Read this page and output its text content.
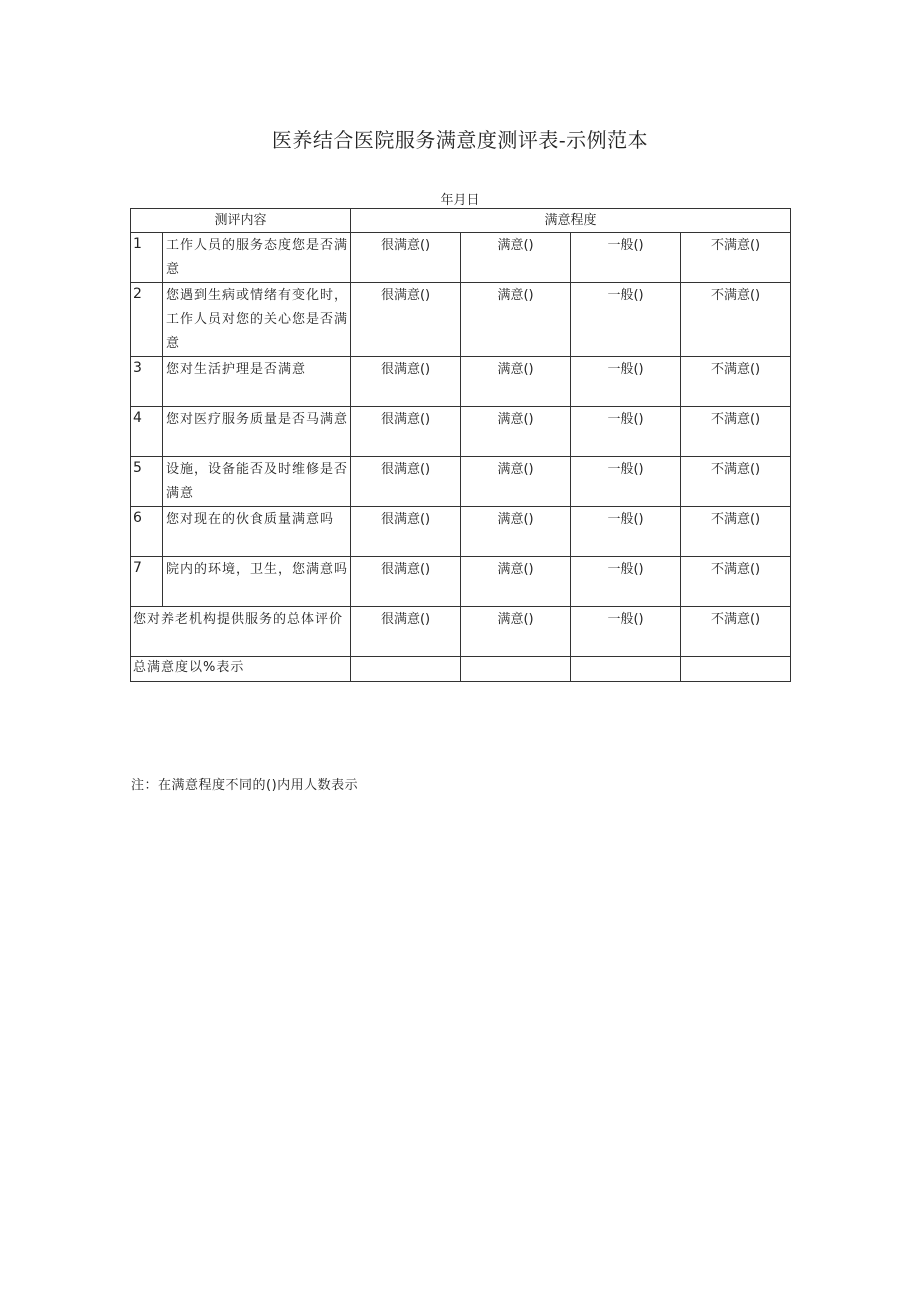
医养结合医院服务满意度测评表-示例范本
年月日
测评内容		满意程度			
1	工作人员的服务态度您是否满意	很满意()	满意()	一般()	不满意()
2	您遇到生病或情绪有变化时，工作人员对您的关心您是否满意	很满意()	满意()	一般()	不满意()
3	您对生活护理是否满意	很满意()	满意()	一般()	不满意()
4	您对医疗服务质量是否马满意	很满意()	满意()	一般()	不满意()
5	设施，设备能否及时维修是否满意	很满意()	满意()	一般()	不满意()
6	您对现在的伙食质量满意吗	很满意()	满意()	一般()	不满意()
7	院内的环境，卫生，您满意吗	很满意()	满意()	一般()	不满意()
您对养老机构提供服务的总体评价		很满意()	满意()	一般()	不满意()
总满意度以%表示					
注：在满意程度不同的()内用人数表示
